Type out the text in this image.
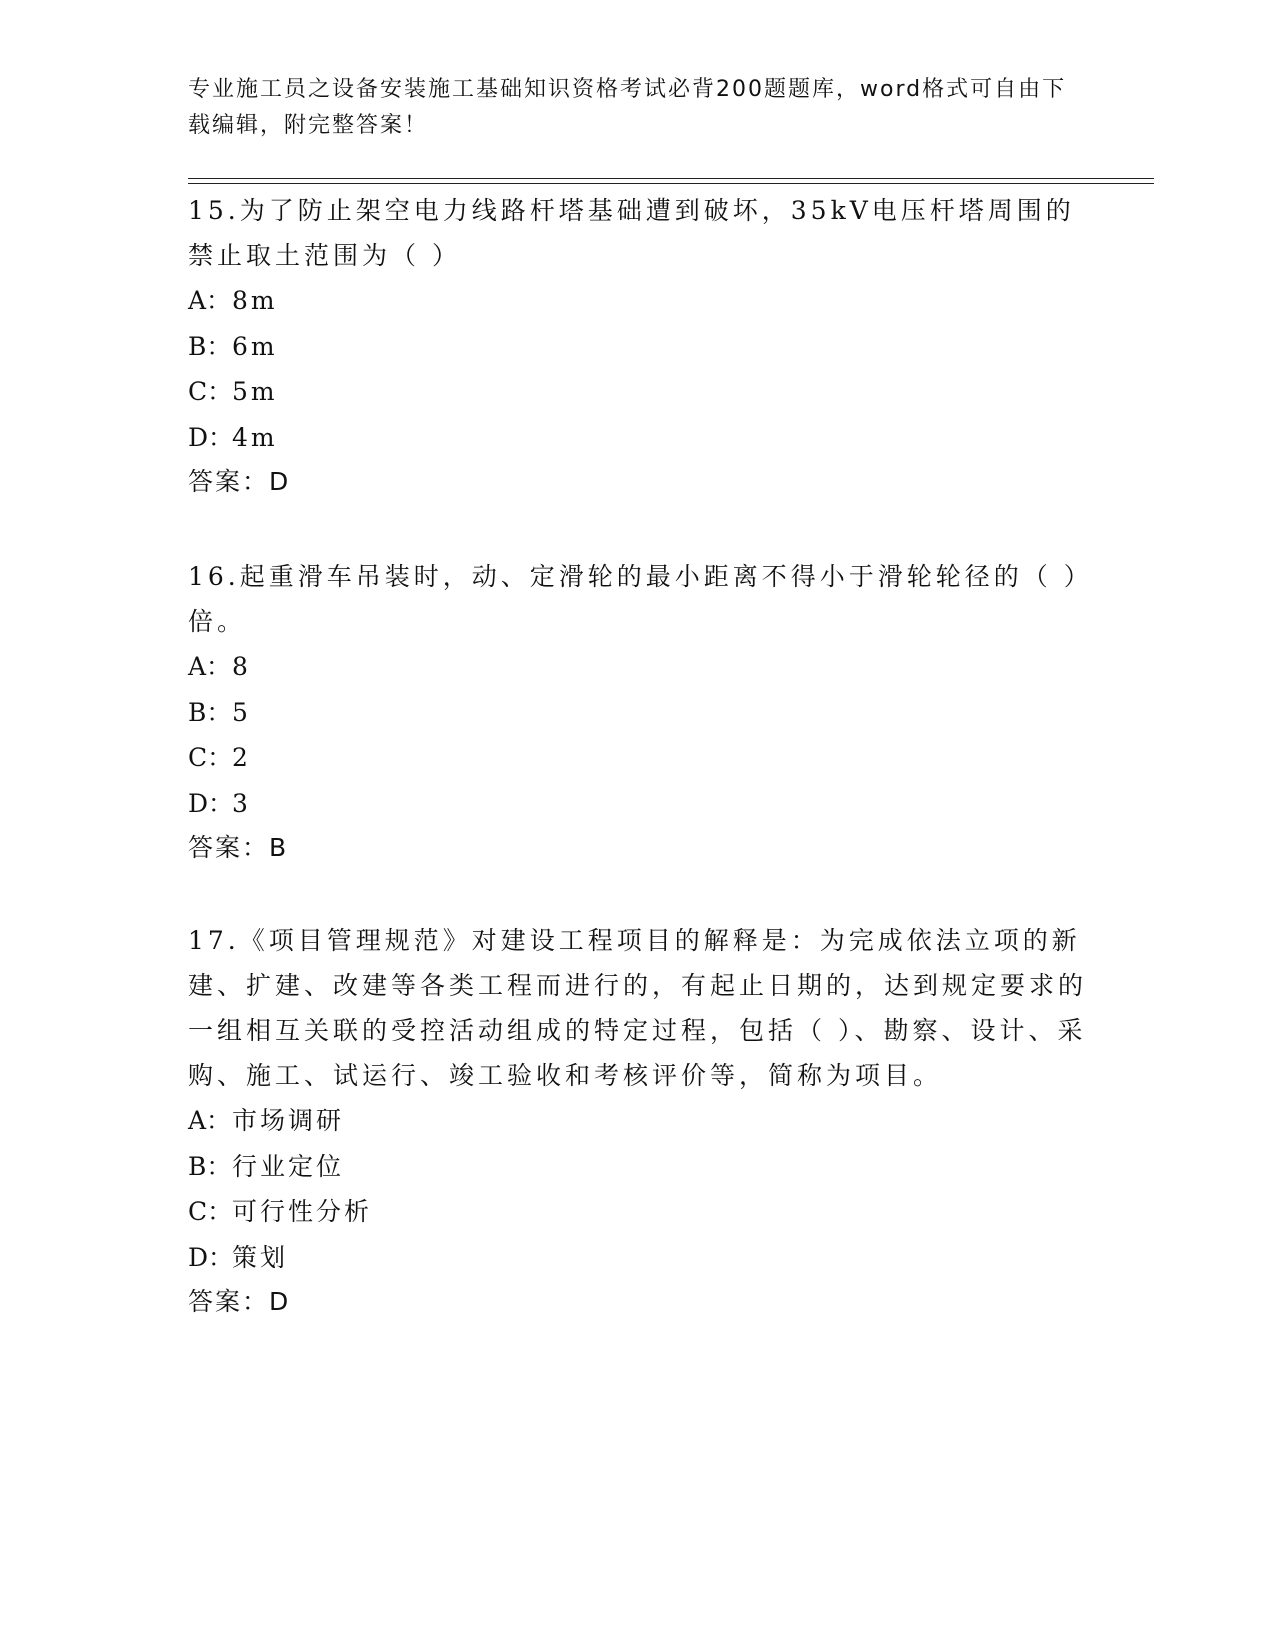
专业施工员之设备安装施工基础知识资格考试必背200题题库，word格式可自由下载编辑，附完整答案！

15.为了防止架空电力线路杆塔基础遭到破坏，35kV电压杆塔周围的禁止取土范围为（ ）

A：8m

B：6m

C：5m

D：4m

答案：D

16.起重滑车吊装时，动、定滑轮的最小距离不得小于滑轮轮径的（ ）倍。

A：8

B：5

C：2

D：3

答案：B

17.《项目管理规范》对建设工程项目的解释是：为完成依法立项的新建、扩建、改建等各类工程而进行的，有起止日期的，达到规定要求的一组相互关联的受控活动组成的特定过程，包括（ ）、勘察、设计、采购、施工、试运行、竣工验收和考核评价等，简称为项目。

A：市场调研

B：行业定位

C：可行性分析

D：策划

答案：D
